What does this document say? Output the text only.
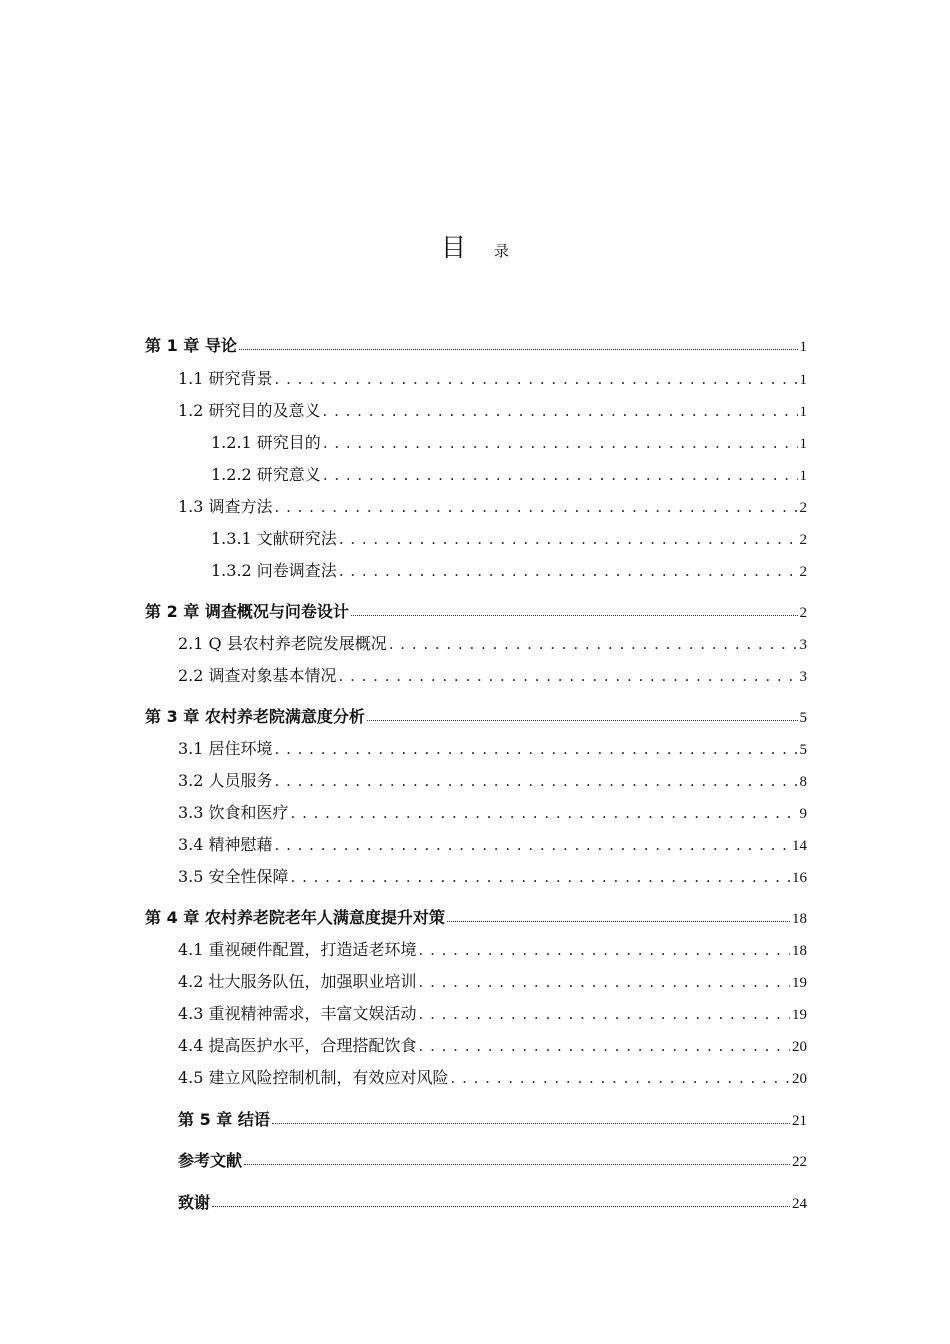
目 录
第 1 章 导论	1
1.1 研究背景 . . .	1
1.2 研究目的及意义 . . .	1
1.2.1 研究目的 . . .	1
1.2.2 研究意义 . . .	1
1.3 调查方法 . . .	2
1.3.1 文献研究法 . . .	2
1.3.2 问卷调查法 . . .	2
第 2 章 调查概况与问卷设计	2
2.1 Q 县农村养老院发展概况 . . .	3
2.2 调查对象基本情况 . . .	3
第 3 章 农村养老院满意度分析	5
3.1 居住环境 . . .	5
3.2 人员服务 . . .	8
3.3 饮食和医疗 . . .	9
3.4 精神慰藉 . . .	14
3.5 安全性保障 . . .	16
第 4 章 农村养老院老年人满意度提升对策	18
4.1 重视硬件配置，打造适老环境 . . .	18
4.2 壮大服务队伍，加强职业培训 . . .	19
4.3 重视精神需求，丰富文娱活动 . . .	19
4.4 提高医护水平，合理搭配饮食 . . .	20
4.5 建立风险控制机制，有效应对风险 . . .	20
第 5 章 结语	21
参考文献	22
致谢	24
